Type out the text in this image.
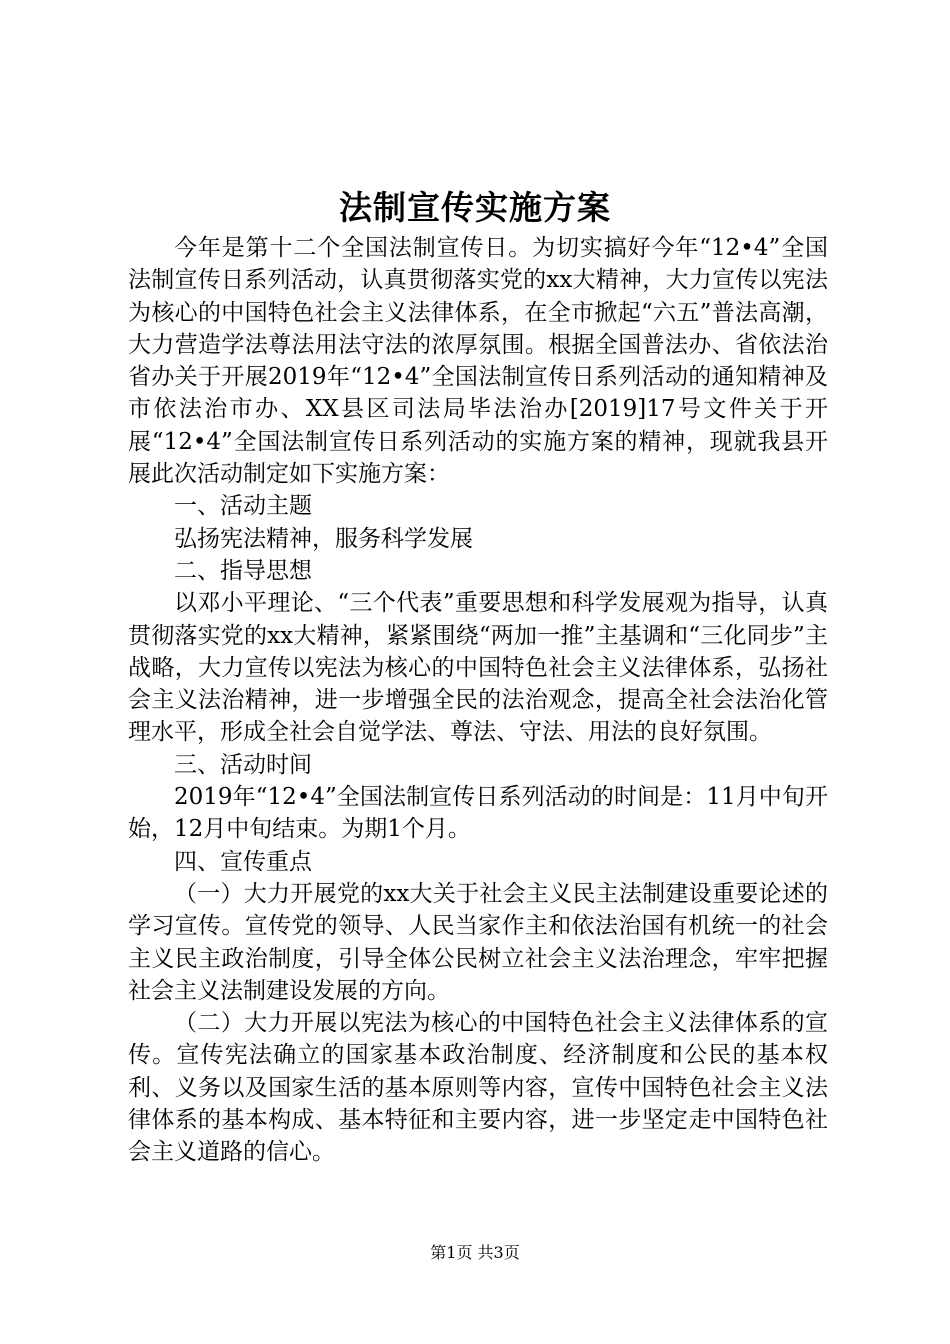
法制宣传实施方案

今年是第十二个全国法制宣传日。为切实搞好今年“12•4”全国法制宣传日系列活动，认真贯彻落实党的xx大精神，大力宣传以宪法为核心的中国特色社会主义法律体系，在全市掀起“六五”普法高潮，大力营造学法尊法用法守法的浓厚氛围。根据全国普法办、省依法治省办关于开展2019年“12•4”全国法制宣传日系列活动的通知精神及市依法治市办、XX县区司法局毕法治办[2019]17号文件关于开展“12•4”全国法制宣传日系列活动的实施方案的精神，现就我县开展此次活动制定如下实施方案：

一、活动主题

弘扬宪法精神，服务科学发展

二、指导思想

以邓小平理论、“三个代表”重要思想和科学发展观为指导，认真贯彻落实党的xx大精神，紧紧围绕“两加一推”主基调和“三化同步”主战略，大力宣传以宪法为核心的中国特色社会主义法律体系，弘扬社会主义法治精神，进一步增强全民的法治观念，提高全社会法治化管理水平，形成全社会自觉学法、尊法、守法、用法的良好氛围。

三、活动时间

2019年“12•4”全国法制宣传日系列活动的时间是：11月中旬开始，12月中旬结束。为期1个月。

四、宣传重点

（一）大力开展党的xx大关于社会主义民主法制建设重要论述的学习宣传。宣传党的领导、人民当家作主和依法治国有机统一的社会主义民主政治制度，引导全体公民树立社会主义法治理念，牢牢把握社会主义法制建设发展的方向。

（二）大力开展以宪法为核心的中国特色社会主义法律体系的宣传。宣传宪法确立的国家基本政治制度、经济制度和公民的基本权利、义务以及国家生活的基本原则等内容，宣传中国特色社会主义法律体系的基本构成、基本特征和主要内容，进一步坚定走中国特色社会主义道路的信心。

第1页 共3页
